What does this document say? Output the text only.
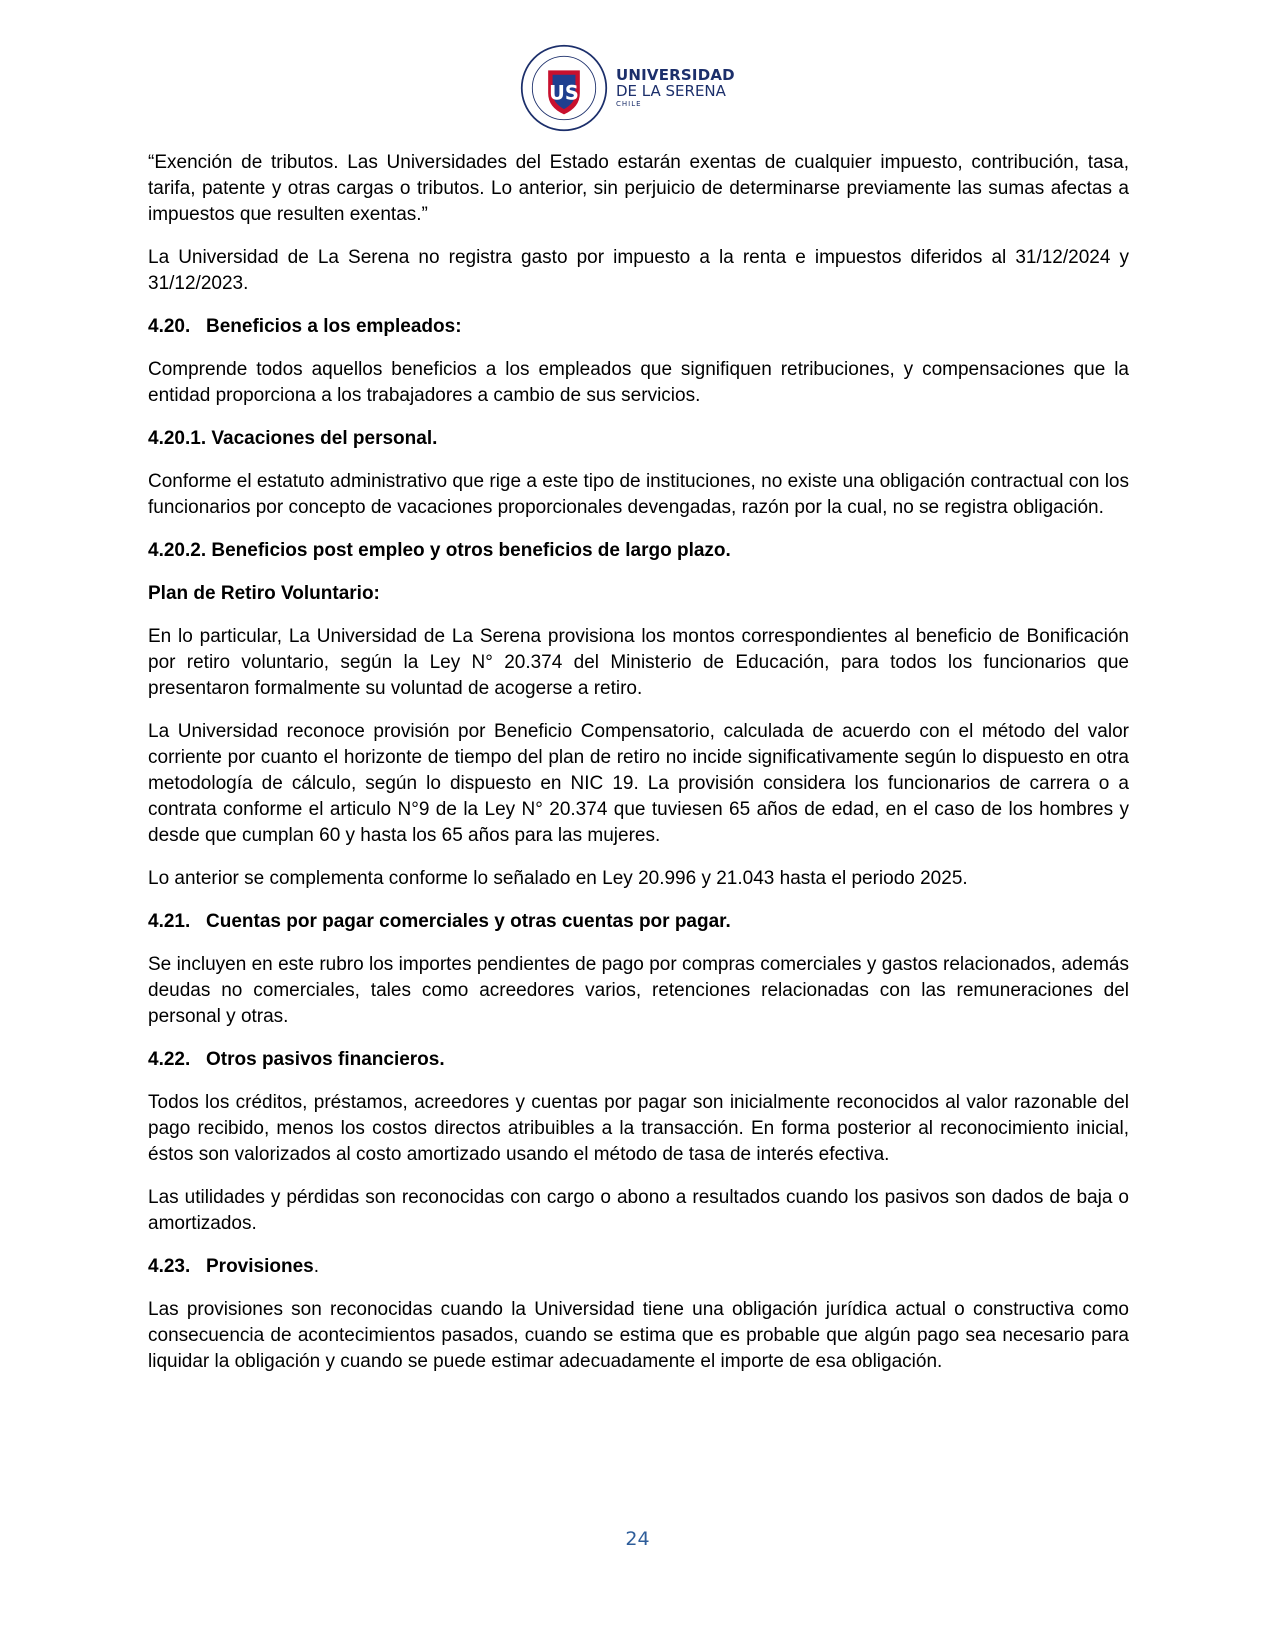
US
UNIVERSIDAD
DE LA SERENA
CHILE

“Exención de tributos. Las Universidades del Estado estarán exentas de cualquier impuesto, contribución, tasa, tarifa, patente y otras cargas o tributos. Lo anterior, sin perjuicio de determinarse previamente las sumas afectas a impuestos que resulten exentas.”

La Universidad de La Serena no registra gasto por impuesto a la renta e impuestos diferidos al 31/12/2024 y 31/12/2023.

4.20. Beneficios a los empleados:

Comprende todos aquellos beneficios a los empleados que signifiquen retribuciones, y compensaciones que la entidad proporciona a los trabajadores a cambio de sus servicios.

4.20.1. Vacaciones del personal.

Conforme el estatuto administrativo que rige a este tipo de instituciones, no existe una obligación contractual con los funcionarios por concepto de vacaciones proporcionales devengadas, razón por la cual, no se registra obligación.

4.20.2. Beneficios post empleo y otros beneficios de largo plazo.
Plan de Retiro Voluntario:

En lo particular, La Universidad de La Serena provisiona los montos correspondientes al beneficio de Bonificación por retiro voluntario, según la Ley N° 20.374 del Ministerio de Educación, para todos los funcionarios que presentaron formalmente su voluntad de acogerse a retiro.

La Universidad reconoce provisión por Beneficio Compensatorio, calculada de acuerdo con el método del valor corriente por cuanto el horizonte de tiempo del plan de retiro no incide significativamente según lo dispuesto en otra metodología de cálculo, según lo dispuesto en NIC 19. La provisión considera los funcionarios de carrera o a contrata conforme el articulo N°9 de la Ley N° 20.374 que tuviesen 65 años de edad, en el caso de los hombres y desde que cumplan 60 y hasta los 65 años para las mujeres.

Lo anterior se complementa conforme lo señalado en Ley 20.996 y 21.043 hasta el periodo 2025.

4.21. Cuentas por pagar comerciales y otras cuentas por pagar.

Se incluyen en este rubro los importes pendientes de pago por compras comerciales y gastos relacionados, además deudas no comerciales, tales como acreedores varios, retenciones relacionadas con las remuneraciones del personal y otras.

4.22. Otros pasivos financieros.

Todos los créditos, préstamos, acreedores y cuentas por pagar son inicialmente reconocidos al valor razonable del pago recibido, menos los costos directos atribuibles a la transacción. En forma posterior al reconocimiento inicial, éstos son valorizados al costo amortizado usando el método de tasa de interés efectiva.

Las utilidades y pérdidas son reconocidas con cargo o abono a resultados cuando los pasivos son dados de baja o amortizados.

4.23. Provisiones.

Las provisiones son reconocidas cuando la Universidad tiene una obligación jurídica actual o constructiva como consecuencia de acontecimientos pasados, cuando se estima que es probable que algún pago sea necesario para liquidar la obligación y cuando se puede estimar adecuadamente el importe de esa obligación.

24
